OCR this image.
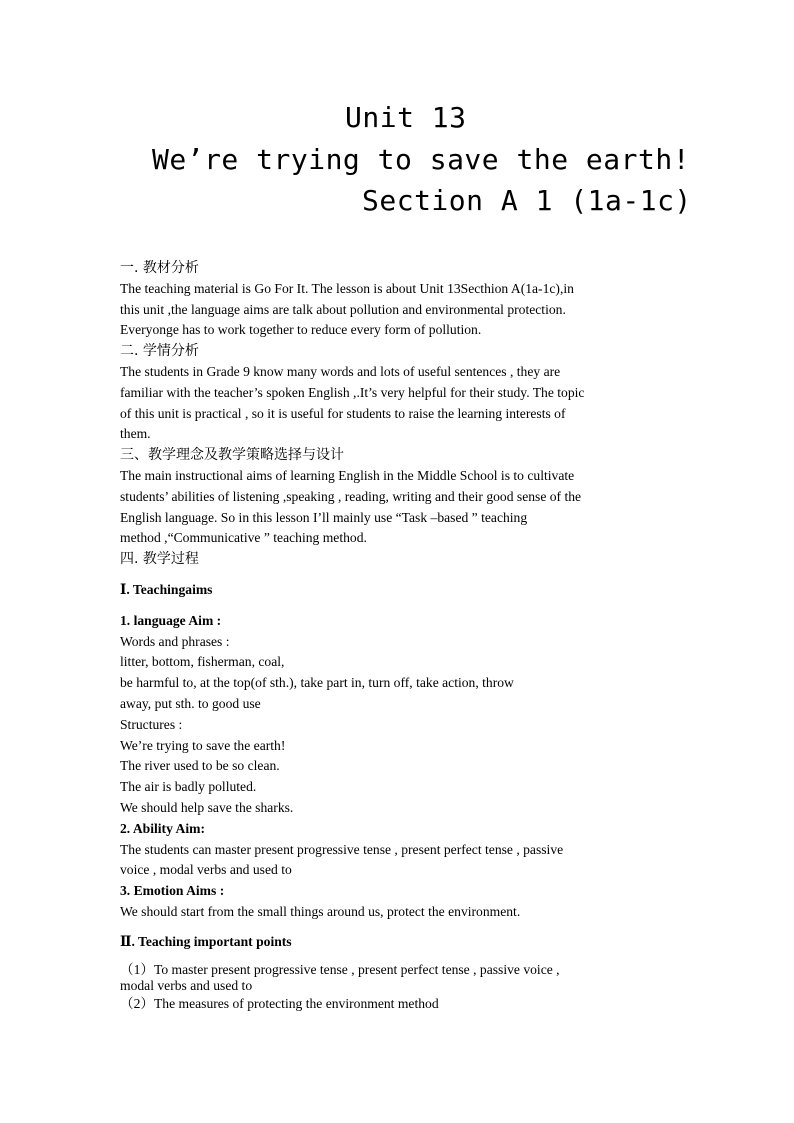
Unit 13
We’re trying to save the earth!
Section A 1 (1a-1c)

一. 教材分析

The teaching material is Go For It. The lesson is about Unit 13Secthion A(1a-1c),in

this unit ,the language aims are talk about pollution and environmental protection.

Everyonge has to work together to reduce every form of pollution.

二. 学情分析

The students in Grade 9 know many words and lots of useful sentences , they are

familiar with the teacher’s spoken English ,.It’s very helpful for their study. The topic

of this unit is practical , so it is useful for students to raise the learning interests of

them.

三、教学理念及教学策略选择与设计

The main instructional aims of learning English in the Middle School is to cultivate

students’ abilities of listening ,speaking , reading, writing and their good sense of the

English language. So in this lesson I’ll mainly use “Task –based ” teaching

method ,“Communicative ” teaching method.

四. 教学过程

Ⅰ. Teachingaims

1. language Aim :

Words and phrases :

litter, bottom, fisherman, coal,

be harmful to, at the top(of sth.), take part in, turn off, take action, throw

away, put sth. to good use

Structures :

We’re trying to save the earth!

The river used to be so clean.

The air is badly polluted.

We should help save the sharks.

2. Ability Aim:

The students can master present progressive tense , present perfect tense , passive

voice , modal verbs and used to

3. Emotion Aims :

We should start from the small things around us, protect the environment.

Ⅱ. Teaching important points

（1）To master present progressive tense , present perfect tense , passive voice ,

modal verbs and used to

（2）The measures of protecting the environment method
